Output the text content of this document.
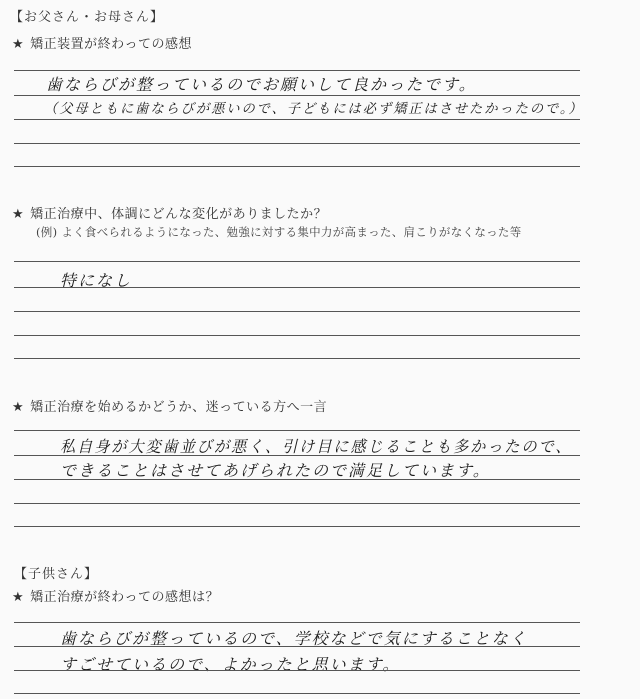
【お父さん・お母さん】
★ 矯正装置が終わっての感想
歯ならびが整っているのでお願いして良かったです。
（父母ともに歯ならびが悪いので、子どもには必ず矯正はさせたかったので。）
★ 矯正治療中、体調にどんな変化がありましたか？
(例) よく食べられるようになった、勉強に対する集中力が高まった、肩こりがなくなった等
特になし
★ 矯正治療を始めるかどうか、迷っている方へ一言
私自身が大変歯並びが悪く、引け目に感じることも多かったので、
できることはさせてあげられたので満足しています。
【子供さん】
★ 矯正治療が終わっての感想は？
歯ならびが整っているので、学校などで気にすることなく
すごせているので、よかったと思います。
